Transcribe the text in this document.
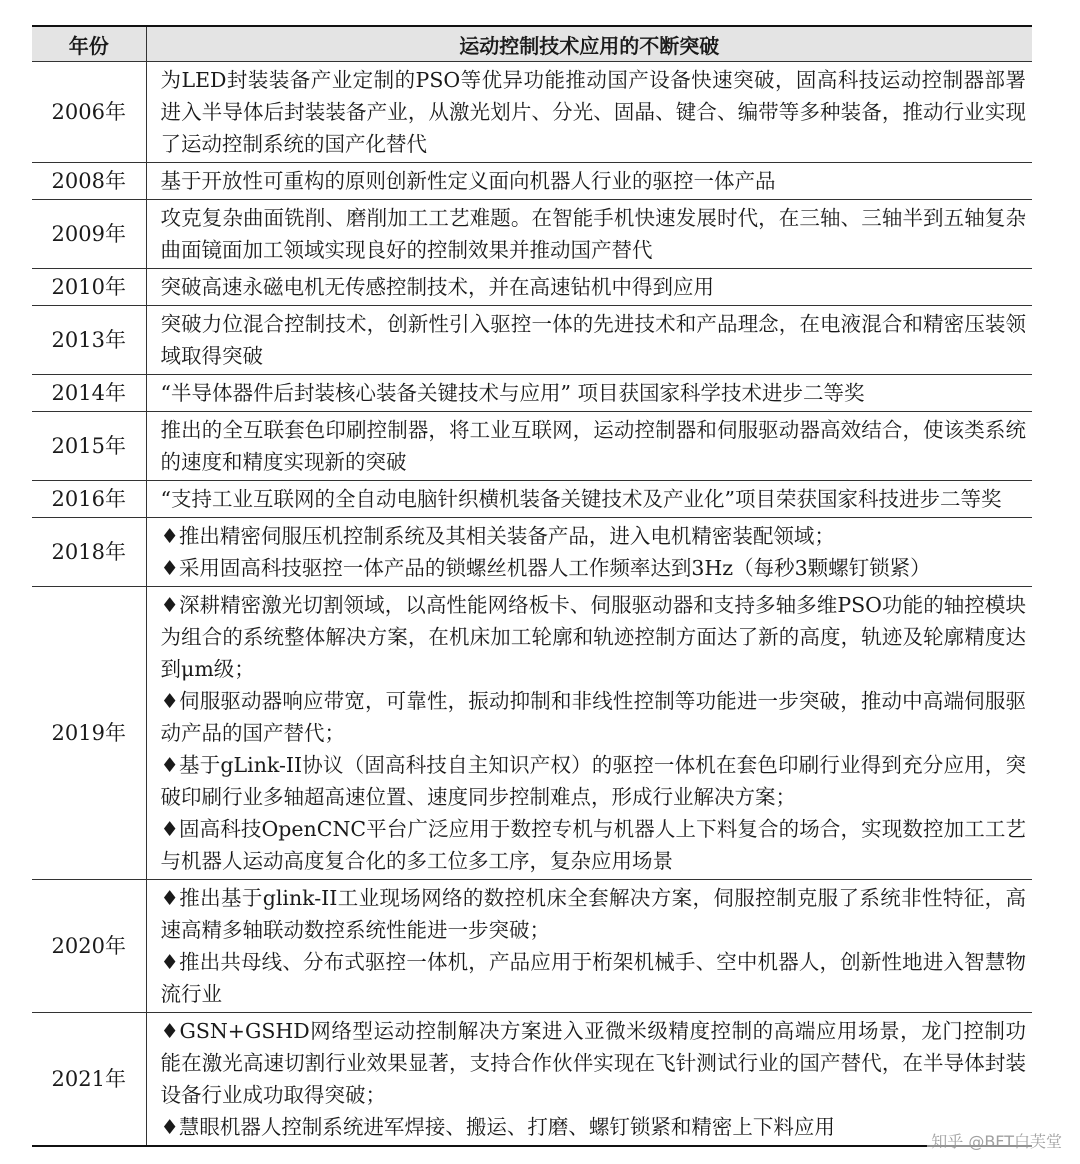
年份	运动控制技术应用的不断突破
2006年	为LED封装装备产业定制的PSO等优异功能推动国产设备快速突破，固高科技运动控制器部署进入半导体后封装装备产业，从激光划片、分光、固晶、键合、编带等多种装备，推动行业实现了运动控制系统的国产化替代

2008年	基于开放性可重构的原则创新性定义面向机器人行业的驱控一体产品

2009年	攻克复杂曲面铣削、磨削加工工艺难题。在智能手机快速发展时代，在三轴、三轴半到五轴复杂曲面镜面加工领域实现良好的控制效果并推动国产替代

2010年	突破高速永磁电机无传感控制技术，并在高速钻机中得到应用

2013年	突破力位混合控制技术，创新性引入驱控一体的先进技术和产品理念，在电液混合和精密压装领域取得突破

2014年	“半导体器件后封装核心装备关键技术与应用” 项目获国家科学技术进步二等奖

2015年	推出的全互联套色印刷控制器，将工业互联网，运动控制器和伺服驱动器高效结合，使该类系统的速度和精度实现新的突破

2016年	“支持工业互联网的全自动电脑针织横机装备关键技术及产业化”项目荣获国家科技进步二等奖

2018年	♦推出精密伺服压机控制系统及其相关装备产品，进入电机精密装配领域；
♦采用固高科技驱控一体产品的锁螺丝机器人工作频率达到3Hz（每秒3颗螺钉锁紧）

2019年	♦深耕精密激光切割领域，以高性能网络板卡、伺服驱动器和支持多轴多维PSO功能的轴控模块为组合的系统整体解决方案，在机床加工轮廓和轨迹控制方面达了新的高度，轨迹及轮廓精度达到μm级；
♦伺服驱动器响应带宽，可靠性，振动抑制和非线性控制等功能进一步突破，推动中高端伺服驱动产品的国产替代；
♦基于gLink-II协议（固高科技自主知识产权）的驱控一体机在套色印刷行业得到充分应用，突破印刷行业多轴超高速位置、速度同步控制难点，形成行业解决方案；
♦固高科技OpenCNC平台广泛应用于数控专机与机器人上下料复合的场合，实现数控加工工艺与机器人运动高度复合化的多工位多工序，复杂应用场景

2020年	♦推出基于glink-II工业现场网络的数控机床全套解决方案，伺服控制克服了系统非性特征，高速高精多轴联动数控系统性能进一步突破；
♦推出共母线、分布式驱控一体机，产品应用于桁架机械手、空中机器人，创新性地进入智慧物流行业

2021年	♦GSN+GSHD网络型运动控制解决方案进入亚微米级精度控制的高端应用场景，龙门控制功能在激光高速切割行业效果显著，支持合作伙伴实现在飞针测试行业的国产替代，在半导体封装设备行业成功取得突破；
♦慧眼机器人控制系统进军焊接、搬运、打磨、螺钉锁紧和精密上下料应用
知乎 @BFT白芙堂
